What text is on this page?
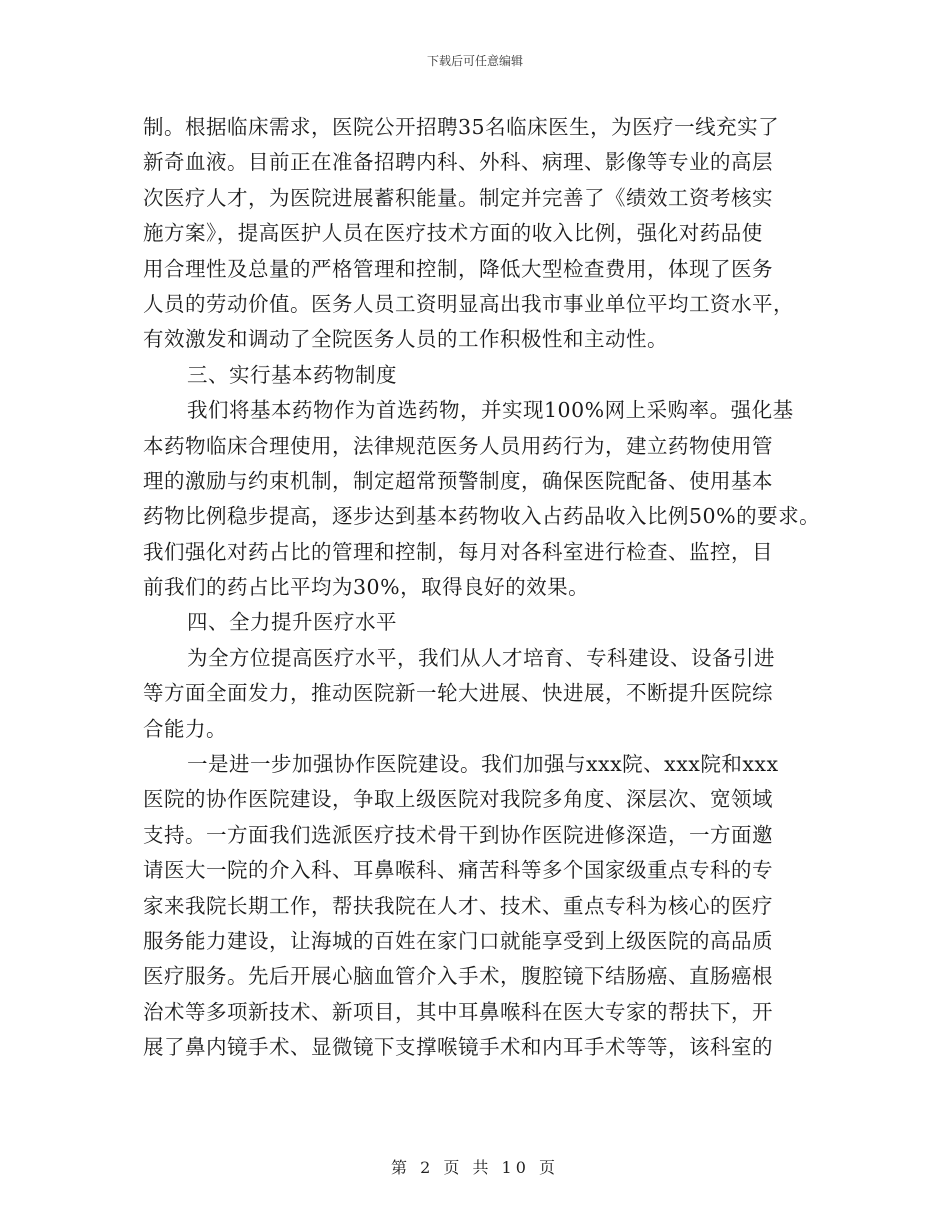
下载后可任意编辑
制。根据临床需求，医院公开招聘35名临床医生，为医疗一线充实了
新奇血液。目前正在准备招聘内科、外科、病理、影像等专业的高层
次医疗人才，为医院进展蓄积能量。制定并完善了《绩效工资考核实
施方案》，提高医护人员在医疗技术方面的收入比例，强化对药品使
用合理性及总量的严格管理和控制，降低大型检查费用，体现了医务
人员的劳动价值。医务人员工资明显高出我市事业单位平均工资水平，
有效激发和调动了全院医务人员的工作积极性和主动性。
三、实行基本药物制度
我们将基本药物作为首选药物，并实现100%网上采购率。强化基
本药物临床合理使用，法律规范医务人员用药行为，建立药物使用管
理的激励与约束机制，制定超常预警制度，确保医院配备、使用基本
药物比例稳步提高，逐步达到基本药物收入占药品收入比例50%的要求。
我们强化对药占比的管理和控制，每月对各科室进行检查、监控，目
前我们的药占比平均为30%，取得良好的效果。
四、全力提升医疗水平
为全方位提高医疗水平，我们从人才培育、专科建设、设备引进
等方面全面发力，推动医院新一轮大进展、快进展，不断提升医院综
合能力。
一是进一步加强协作医院建设。我们加强与xxx院、xxx院和xxx
医院的协作医院建设，争取上级医院对我院多角度、深层次、宽领域
支持。一方面我们选派医疗技术骨干到协作医院进修深造，一方面邀
请医大一院的介入科、耳鼻喉科、痛苦科等多个国家级重点专科的专
家来我院长期工作，帮扶我院在人才、技术、重点专科为核心的医疗
服务能力建设，让海城的百姓在家门口就能享受到上级医院的高品质
医疗服务。先后开展心脑血管介入手术，腹腔镜下结肠癌、直肠癌根
治术等多项新技术、新项目，其中耳鼻喉科在医大专家的帮扶下，开
展了鼻内镜手术、显微镜下支撑喉镜手术和内耳手术等等，该科室的
第 2 页 共 10 页
